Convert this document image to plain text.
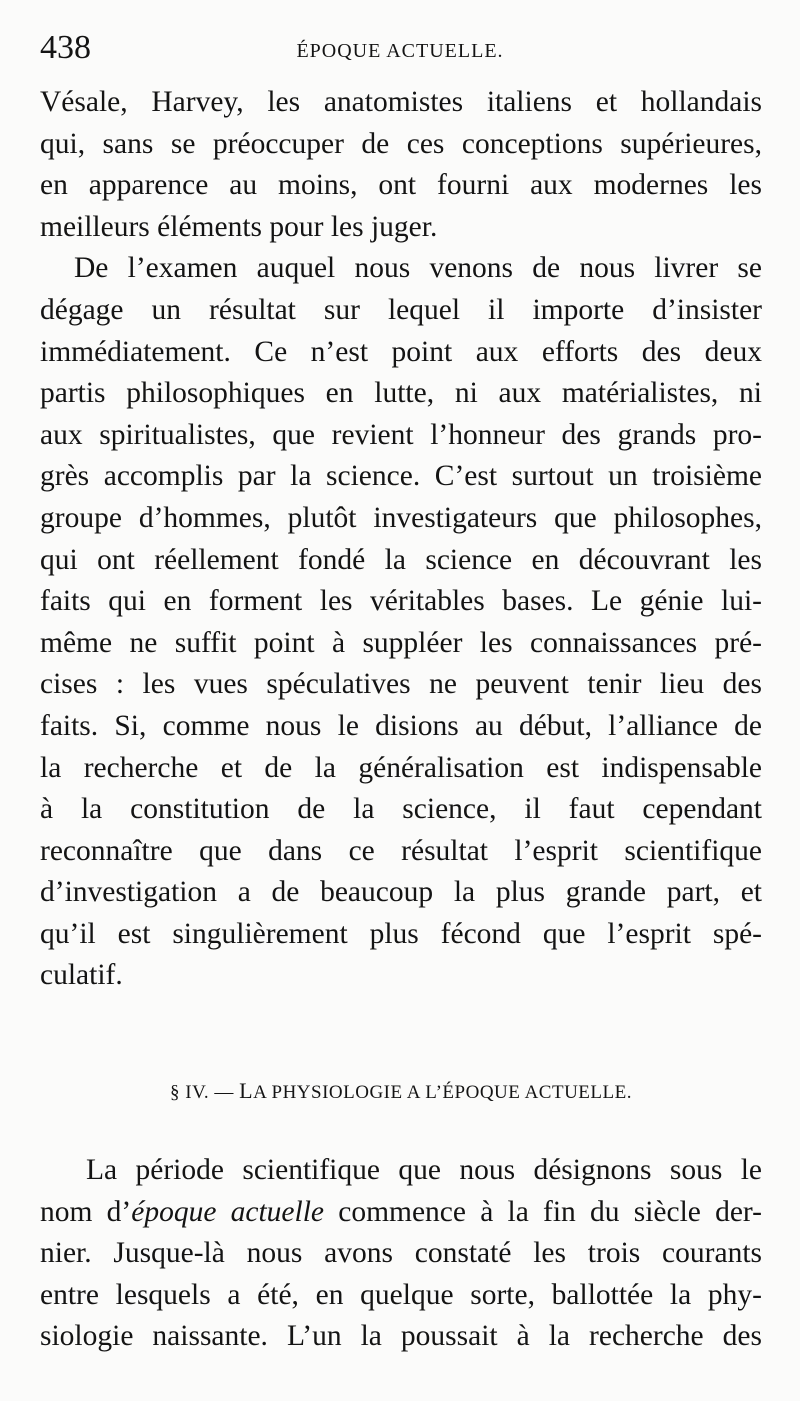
438	ÉPOQUE ACTUELLE.
Vésale, Harvey, les anatomistes italiens et hollandais
qui, sans se préoccuper de ces conceptions supérieures,
en apparence au moins, ont fourni aux modernes les
meilleurs éléments pour les juger.
De l’examen auquel nous venons de nous livrer se
dégage un résultat sur lequel il importe d’insister
immédiatement. Ce n’est point aux efforts des deux
partis philosophiques en lutte, ni aux matérialistes, ni
aux spiritualistes, que revient l’honneur des grands pro-
grès accomplis par la science. C’est surtout un troisième
groupe d’hommes, plutôt investigateurs que philosophes,
qui ont réellement fondé la science en découvrant les
faits qui en forment les véritables bases. Le génie lui-
même ne suffit point à suppléer les connaissances pré-
cises : les vues spéculatives ne peuvent tenir lieu des
faits. Si, comme nous le disions au début, l’alliance de
la recherche et de la généralisation est indispensable
à la constitution de la science, il faut cependant
reconnaître que dans ce résultat l’esprit scientifique
d’investigation a de beaucoup la plus grande part, et
qu’il est singulièrement plus fécond que l’esprit spé-
culatif.
§ IV. — LA PHYSIOLOGIE A L’ÉPOQUE ACTUELLE.
La période scientifique que nous désignons sous le
nom d’époque actuelle commence à la fin du siècle der-
nier. Jusque-là nous avons constaté les trois courants
entre lesquels a été, en quelque sorte, ballottée la phy-
siologie naissante. L’un la poussait à la recherche des
